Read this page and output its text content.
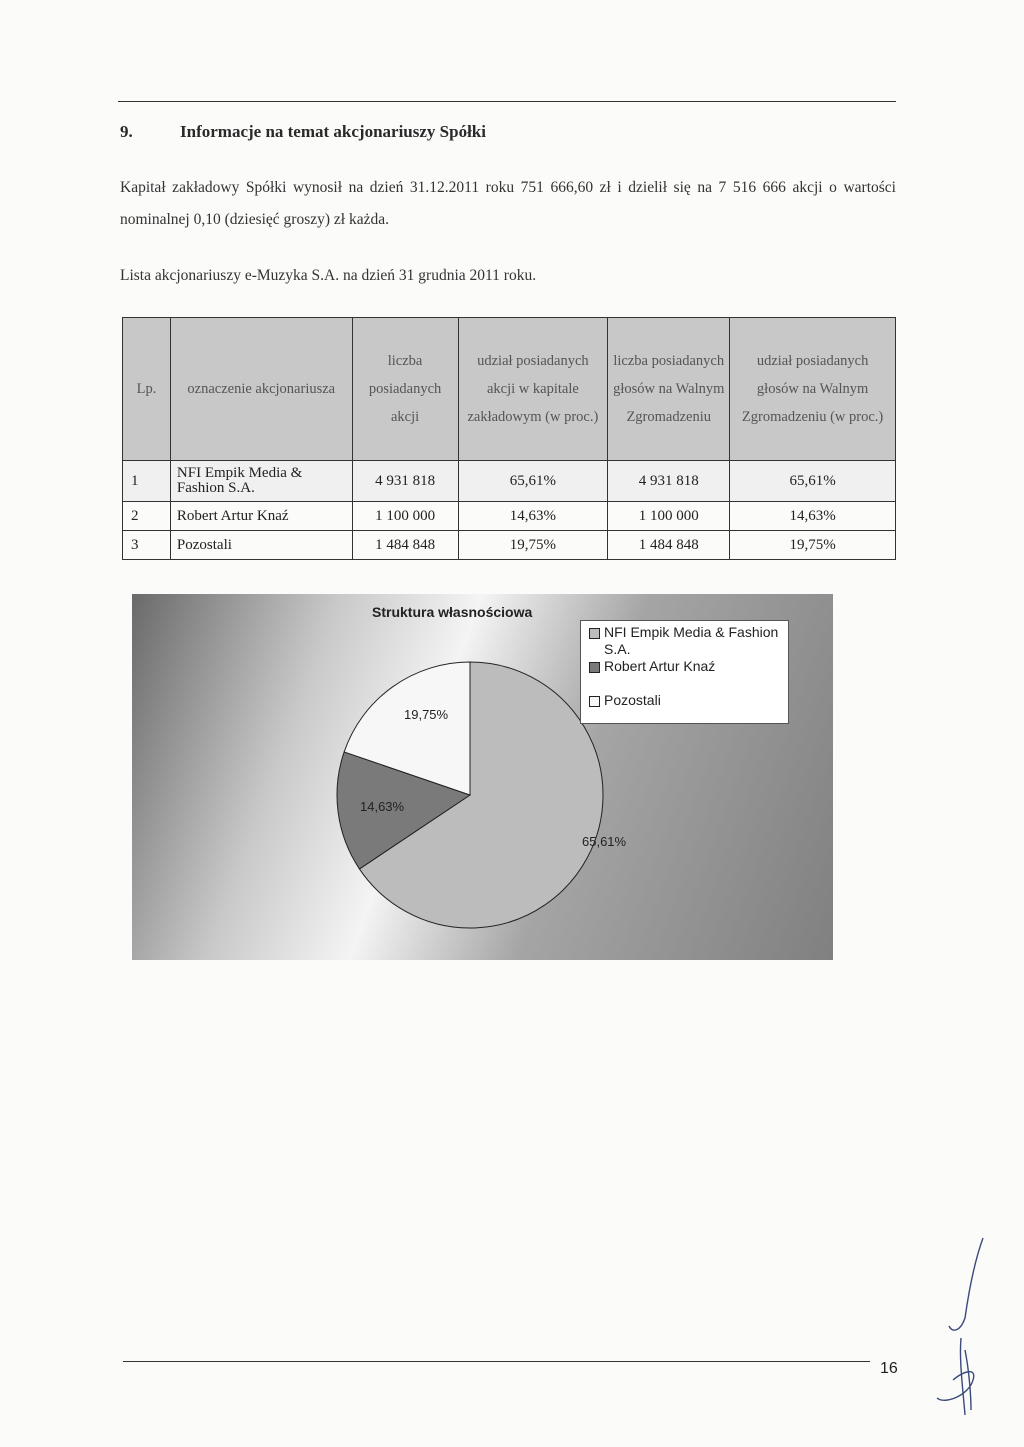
9.	Informacje na temat akcjonariuszy Spółki
Kapitał zakładowy Spółki wynosił na dzień 31.12.2011 roku 751 666,60 zł i dzielił się na 7 516 666 akcji o wartości nominalnej 0,10 (dziesięć groszy) zł każda.
Lista akcjonariuszy e-Muzyka S.A. na dzień 31 grudnia 2011 roku.
Lp.	oznaczenie akcjonariusza	liczba posiadanych akcji	udział posiadanych akcji w kapitale zakładowym (w proc.)	liczba posiadanych głosów na Walnym Zgromadzeniu	udział posiadanych głosów na Walnym Zgromadzeniu (w proc.)
1	NFI Empik Media & Fashion S.A.	4 931 818	65,61%	4 931 818	65,61%
2	Robert Artur Knaź	1 100 000	14,63%	1 100 000	14,63%
3	Pozostali	1 484 848	19,75%	1 484 848	19,75%
65,61%
14,63%
19,75%
Struktura własnościowa
NFI Empik Media & Fashion S.A.
Robert Artur Knaź
Pozostali
16
